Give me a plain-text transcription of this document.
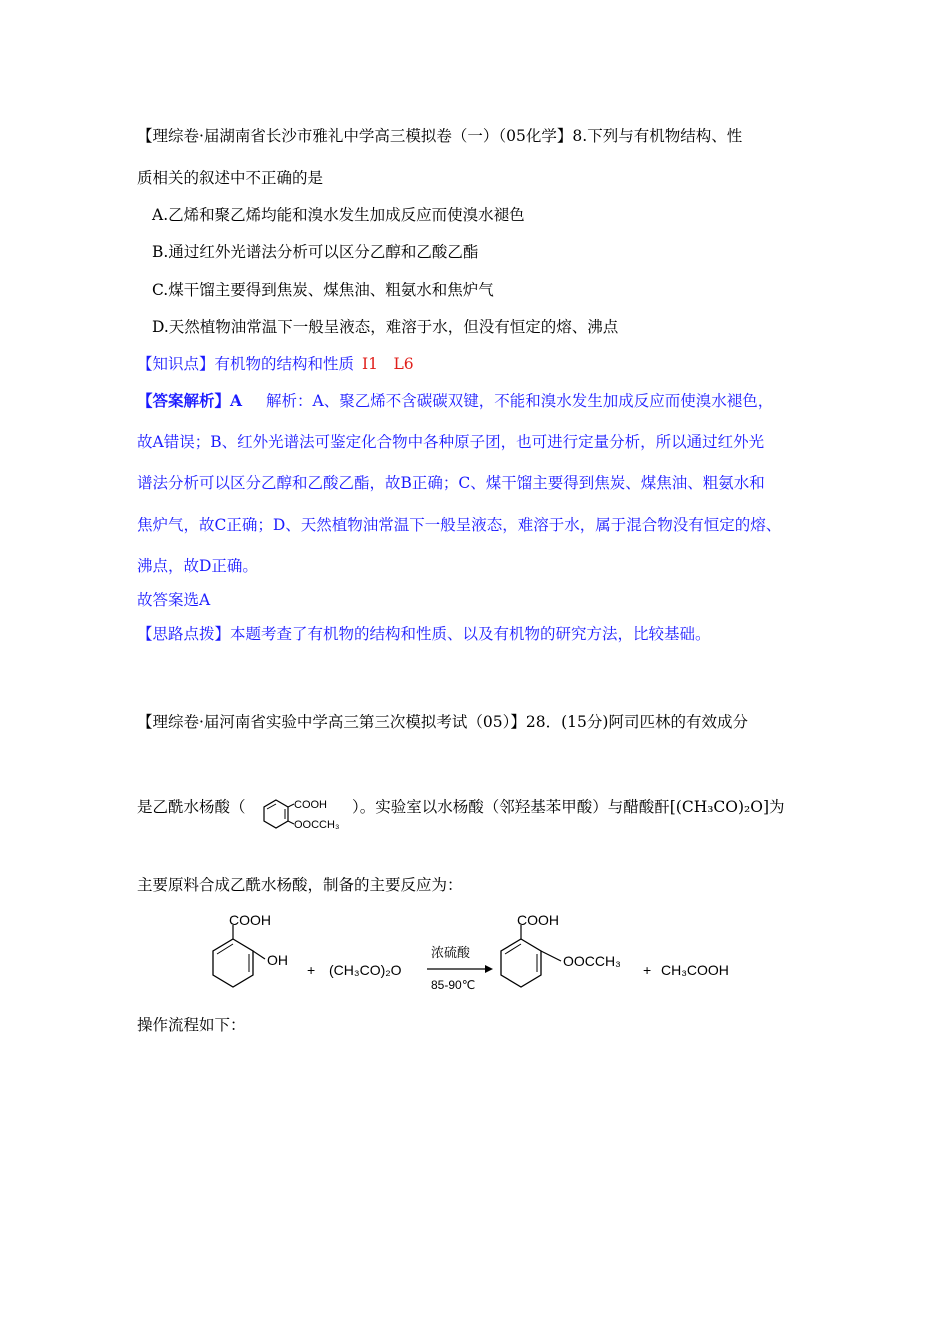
【理综卷·届湖南省长沙市雅礼中学高三模拟卷（一）（05化学】8.下列与有机物结构、性
质相关的叙述中不正确的是
A.乙烯和聚乙烯均能和溴水发生加成反应而使溴水褪色
B.通过红外光谱法分析可以区分乙醇和乙酸乙酯
C.煤干馏主要得到焦炭、煤焦油、粗氨水和焦炉气
D.天然植物油常温下一般呈液态，难溶于水，但没有恒定的熔、沸点
【知识点】有机物的结构和性质 I1　L6
【答案解析】A 解析：A、聚乙烯不含碳碳双键，不能和溴水发生加成反应而使溴水褪色，
故A错误；B、红外光谱法可鉴定化合物中各种原子团，也可进行定量分析，所以通过红外光
谱法分析可以区分乙醇和乙酸乙酯，故B正确；C、煤干馏主要得到焦炭、煤焦油、粗氨水和
焦炉气，故C正确；D、天然植物油常温下一般呈液态，难溶于水，属于混合物没有恒定的熔、
沸点，故D正确。
故答案选A
【思路点拨】本题考查了有机物的结构和性质、以及有机物的研究方法，比较基础。
【理综卷·届河南省实验中学高三第三次模拟考试（05）】28．(15分)阿司匹林的有效成分
是乙酰水杨酸（	COOH
OOCCH₃
）。实验室以水杨酸（邻羟基苯甲酸）与醋酸酐[(CH₃CO)₂O]为
主要原料合成乙酰水杨酸，制备的主要反应为：
COOH
OH
+ (CH₃CO)₂O
浓硫酸
85-90℃
COOH
OOCCH₃
+ CH₃COOH
操作流程如下：
